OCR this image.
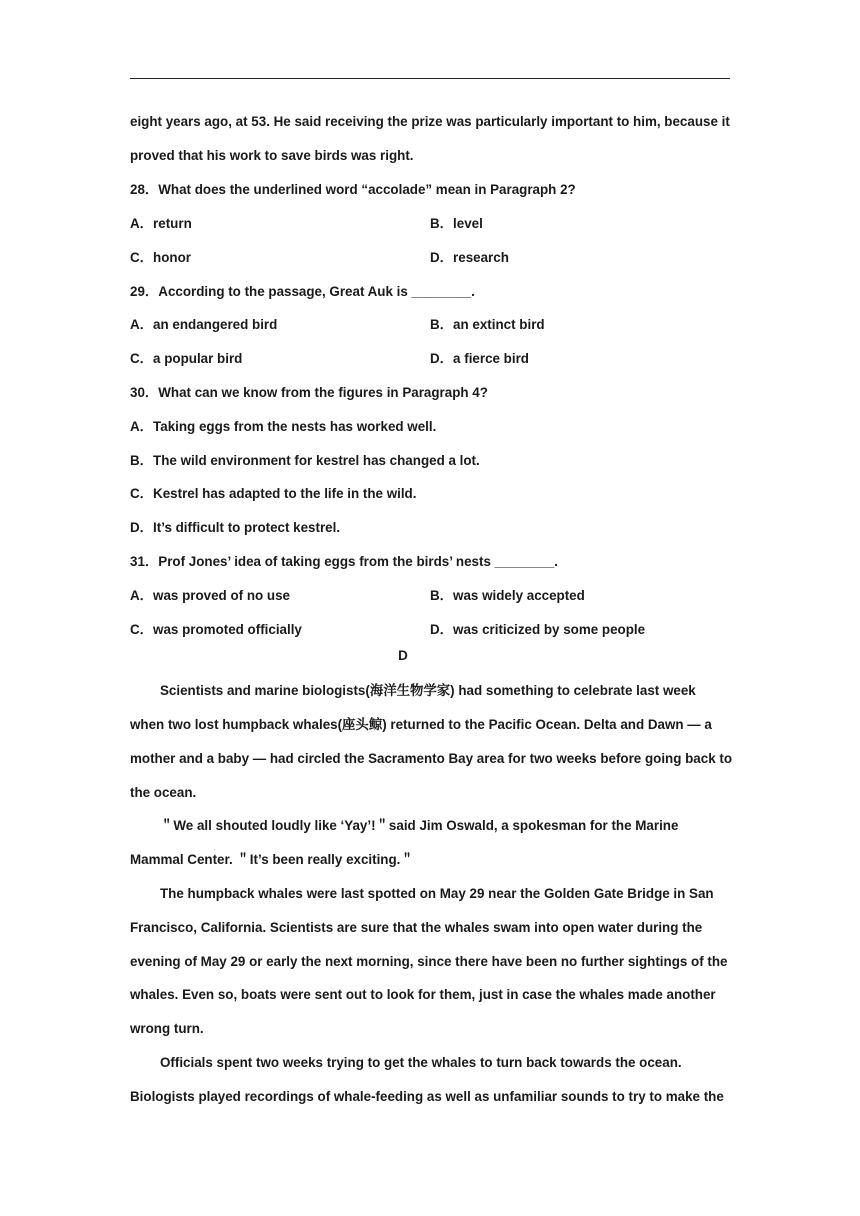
eight years ago, at 53. He said receiving the prize was particularly important to him, because it
proved that his work to save birds was right.
28．What does the underlined word “accolade” mean in Paragraph 2?
A．return	B．level
C．honor	D．research
29．According to the passage, Great Auk is ________.
A．an endangered bird	B．an extinct bird
C．a popular bird	D．a fierce bird
30．What can we know from the figures in Paragraph 4?
A．Taking eggs from the nests has worked well.
B．The wild environment for kestrel has changed a lot.
C．Kestrel has adapted to the life in the wild.
D．It’s difficult to protect kestrel.
31．Prof Jones’ idea of taking eggs from the birds’ nests ________.
A．was proved of no use	B．was widely accepted
C．was promoted officially	D．was criticized by some people
D
Scientists and marine biologists(海洋生物学家) had something to celebrate last week
when two lost humpback whales(座头鲸) returned to the Pacific Ocean. Delta and Dawn — a
mother and a baby — had circled the Sacramento Bay area for two weeks before going back to
the ocean.
＂We all shouted loudly like ‘Yay’!＂said Jim Oswald, a spokesman for the Marine
Mammal Center. ＂It’s been really exciting.＂
The humpback whales were last spotted on May 29 near the Golden Gate Bridge in San
Francisco, California. Scientists are sure that the whales swam into open water during the
evening of May 29 or early the next morning, since there have been no further sightings of the
whales. Even so, boats were sent out to look for them, just in case the whales made another
wrong turn.
Officials spent two weeks trying to get the whales to turn back towards the ocean.
Biologists played recordings of whale-feeding as well as unfamiliar sounds to try to make the
